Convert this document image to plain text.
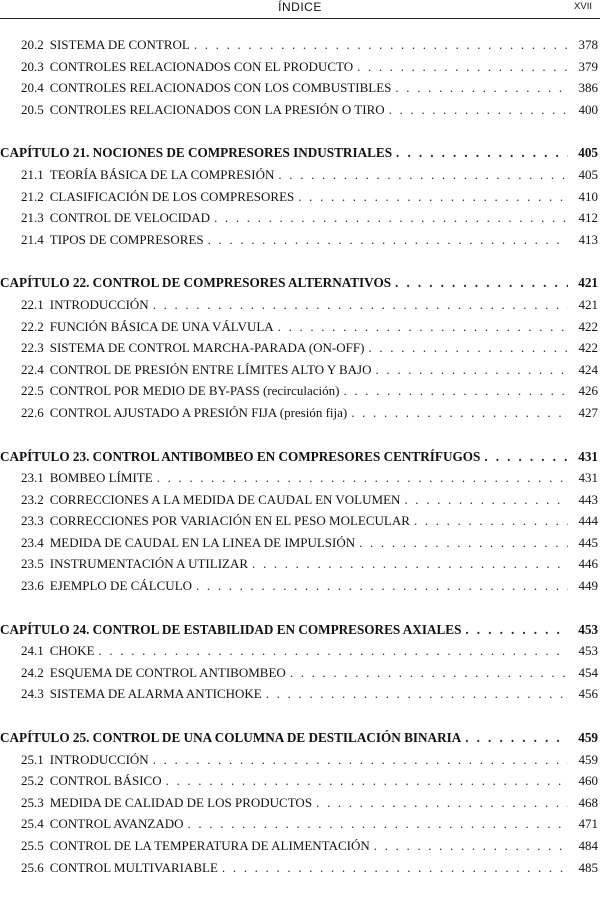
ÍNDICE	XVII
20.2 SISTEMA DE CONTROL . . .	378
20.3 CONTROLES RELACIONADOS CON EL PRODUCTO . . .	379
20.4 CONTROLES RELACIONADOS CON LOS COMBUSTIBLES . . .	386
20.5 CONTROLES RELACIONADOS CON LA PRESIÓN O TIRO . . .	400
CAPÍTULO 21. NOCIONES DE COMPRESORES INDUSTRIALES . . .	405
21.1 TEORÍA BÁSICA DE LA COMPRESIÓN . . .	405
21.2 CLASIFICACIÓN DE LOS COMPRESORES . . .	410
21.3 CONTROL DE VELOCIDAD . . .	412
21.4 TIPOS DE COMPRESORES . . .	413
CAPÍTULO 22. CONTROL DE COMPRESORES ALTERNATIVOS . . .	421
22.1 INTRODUCCIÓN . . .	421
22.2 FUNCIÓN BÁSICA DE UNA VÁLVULA . . .	422
22.3 SISTEMA DE CONTROL MARCHA-PARADA (ON-OFF) . . .	422
22.4 CONTROL DE PRESIÓN ENTRE LÍMITES ALTO Y BAJO . . .	424
22.5 CONTROL POR MEDIO DE BY-PASS (recirculación) . . .	426
22.6 CONTROL AJUSTADO A PRESIÓN FIJA (presión fija) . . .	427
CAPÍTULO 23. CONTROL ANTIBOMBEO EN COMPRESORES CENTRÍFUGOS . . .	431
23.1 BOMBEO LÍMITE . . .	431
23.2 CORRECCIONES A LA MEDIDA DE CAUDAL EN VOLUMEN . . .	443
23.3 CORRECCIONES POR VARIACIÓN EN EL PESO MOLECULAR . . .	444
23.4 MEDIDA DE CAUDAL EN LA LINEA DE IMPULSIÓN . . .	445
23.5 INSTRUMENTACIÓN A UTILIZAR . . .	446
23.6 EJEMPLO DE CÁLCULO . . .	449
CAPÍTULO 24. CONTROL DE ESTABILIDAD EN COMPRESORES AXIALES . . .	453
24.1 CHOKE . . .	453
24.2 ESQUEMA DE CONTROL ANTIBOMBEO . . .	454
24.3 SISTEMA DE ALARMA ANTICHOKE . . .	456
CAPÍTULO 25. CONTROL DE UNA COLUMNA DE DESTILACIÓN BINARIA . . .	459
25.1 INTRODUCCIÓN . . .	459
25.2 CONTROL BÁSICO . . .	460
25.3 MEDIDA DE CALIDAD DE LOS PRODUCTOS . . .	468
25.4 CONTROL AVANZADO . . .	471
25.5 CONTROL DE LA TEMPERATURA DE ALIMENTACIÓN . . .	484
25.6 CONTROL MULTIVARIABLE . . .	485
